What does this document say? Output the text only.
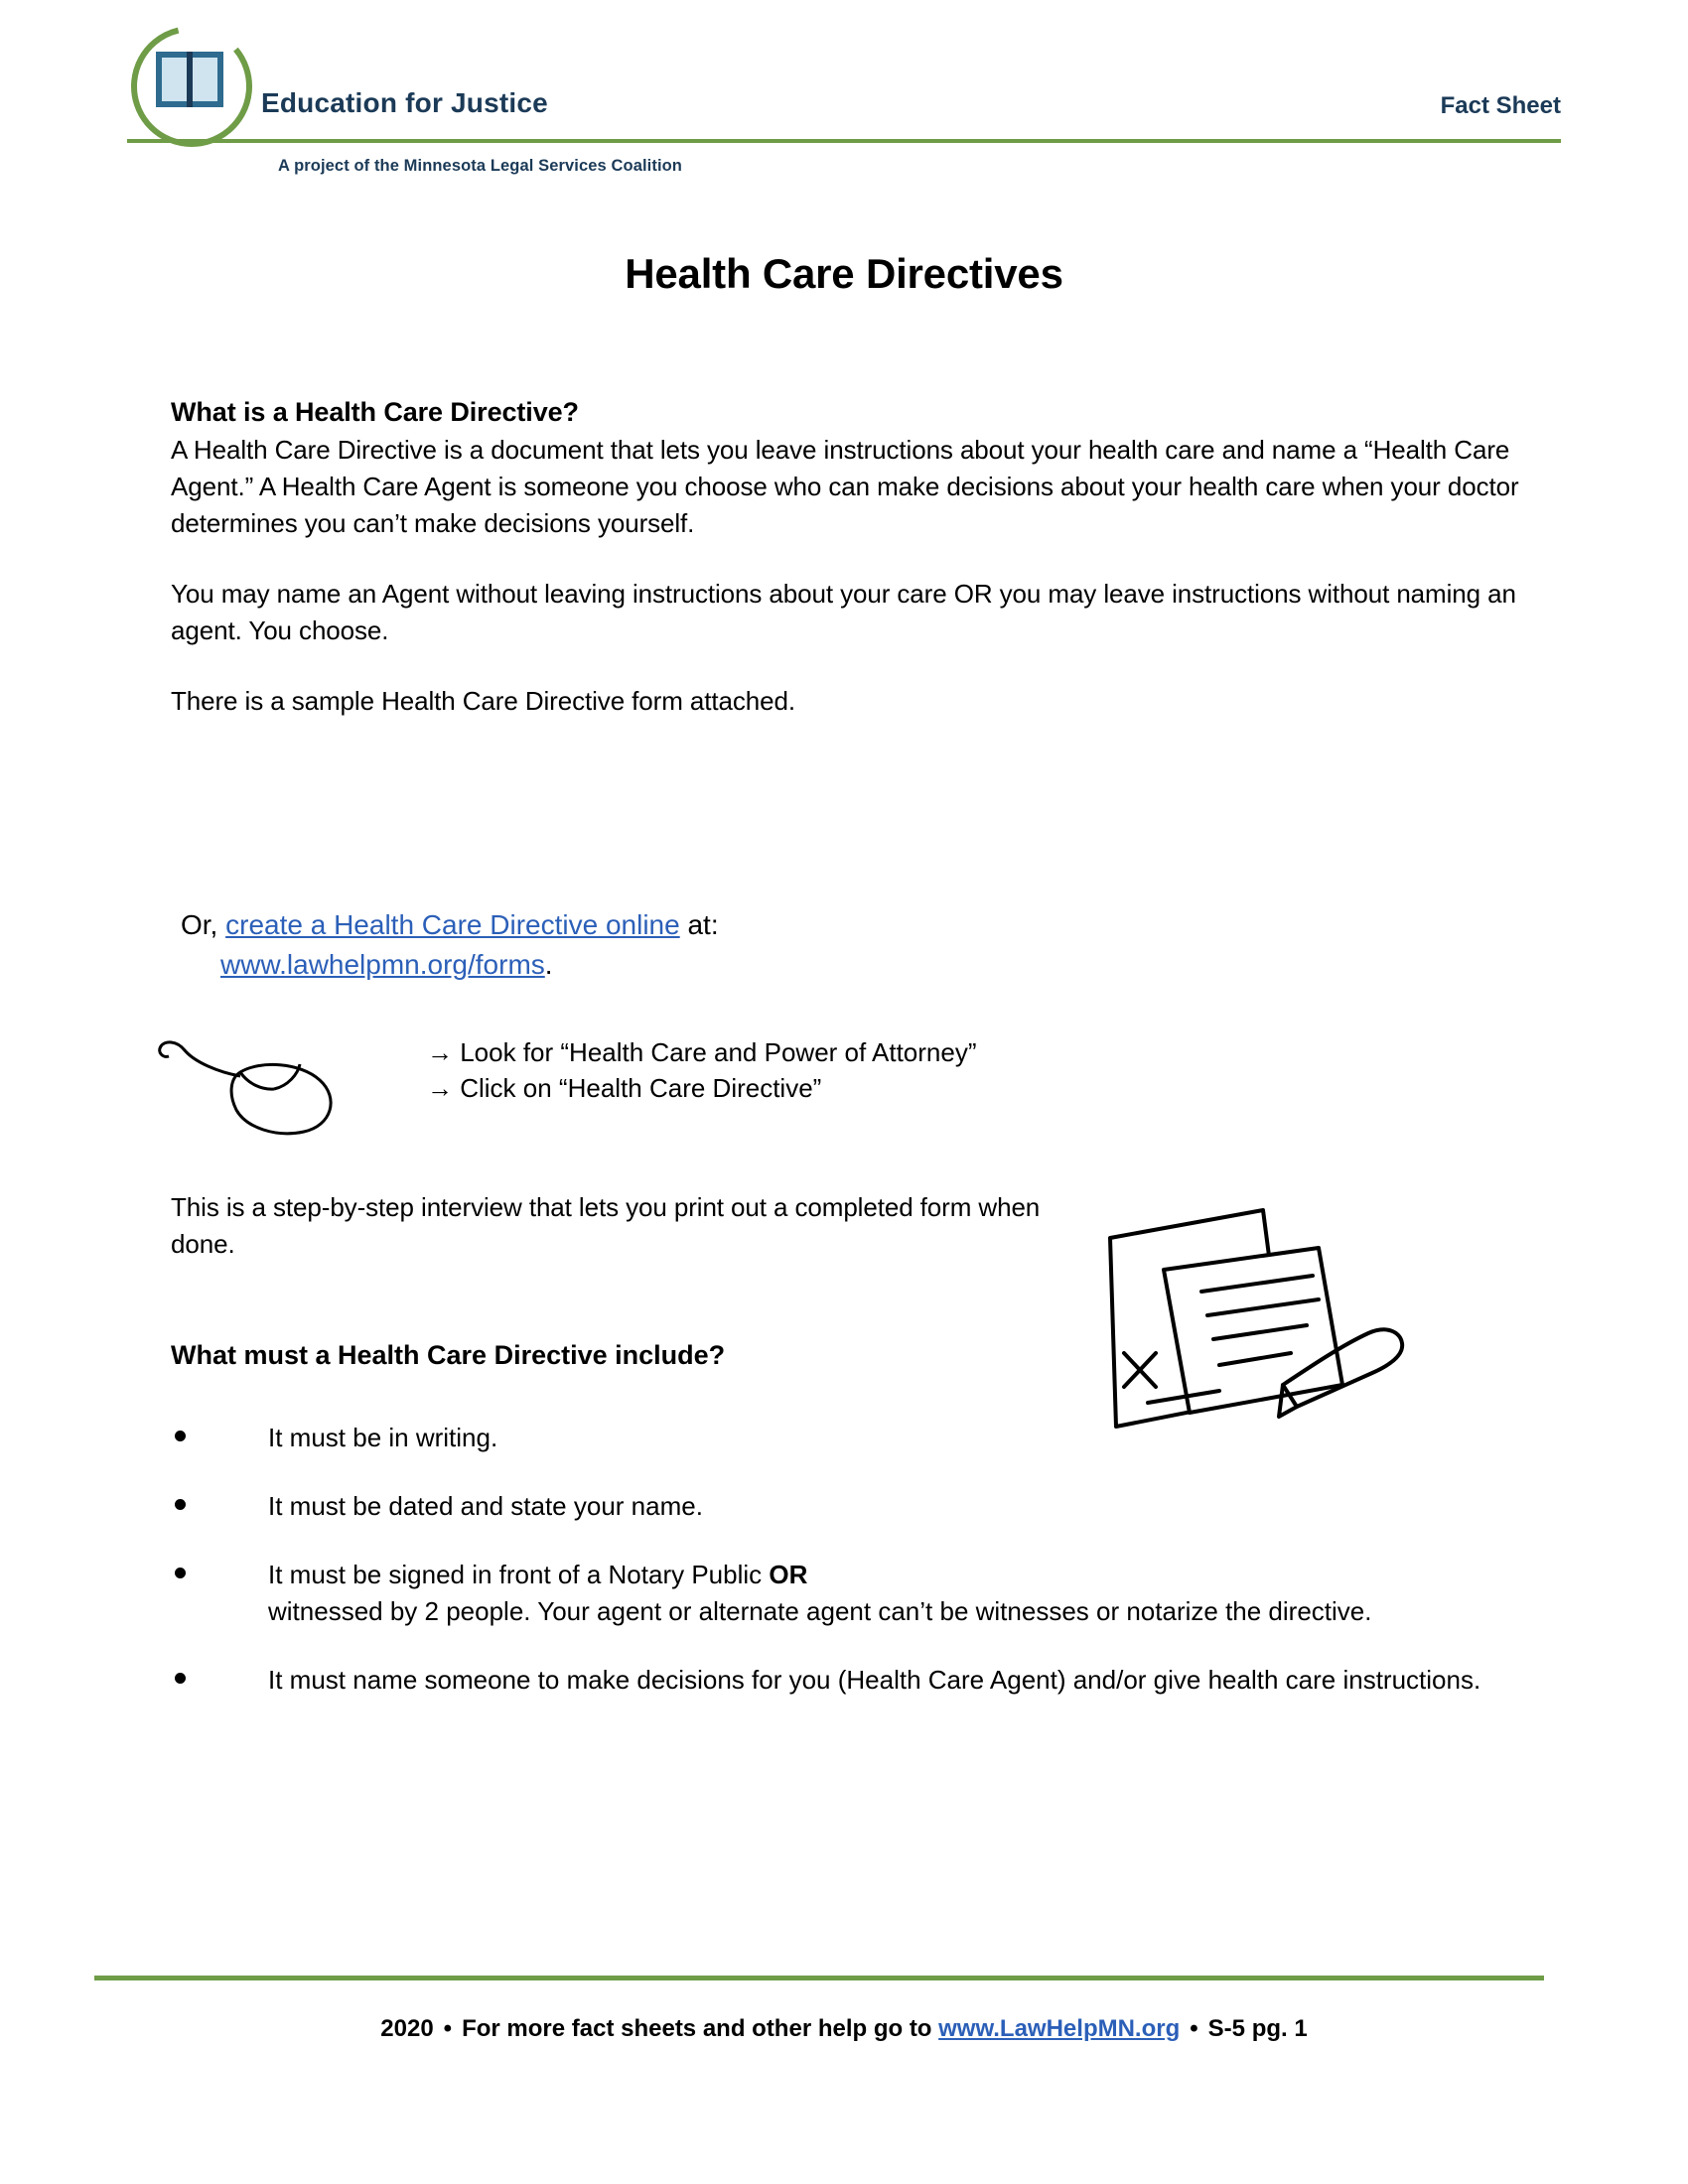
Education for Justice
A project of the Minnesota Legal Services Coalition
Fact Sheet
Health Care Directives
What is a Health Care Directive?
A Health Care Directive is a document that lets you leave instructions about your health care and name a “Health Care Agent.” A Health Care Agent is someone you choose who can make decisions about your health care when your doctor determines you can’t make decisions yourself.
You may name an Agent without leaving instructions about your care OR you may leave instructions without naming an agent. You choose.
There is a sample Health Care Directive form attached.
Or, create a Health Care Directive online at:
www.lawhelpmn.org/forms.
→ Look for “Health Care and Power of Attorney”
→ Click on “Health Care Directive”
This is a step-by-step interview that lets you print out a completed form when done.
What must a Health Care Directive include?
It must be in writing.
It must be dated and state your name.
It must be signed in front of a Notary Public OR
witnessed by 2 people. Your agent or alternate agent can’t be witnesses or notarize the directive.
It must name someone to make decisions for you (Health Care Agent) and/or give health care instructions.
2020 • For more fact sheets and other help go to www.LawHelpMN.org • S-5 pg. 1
